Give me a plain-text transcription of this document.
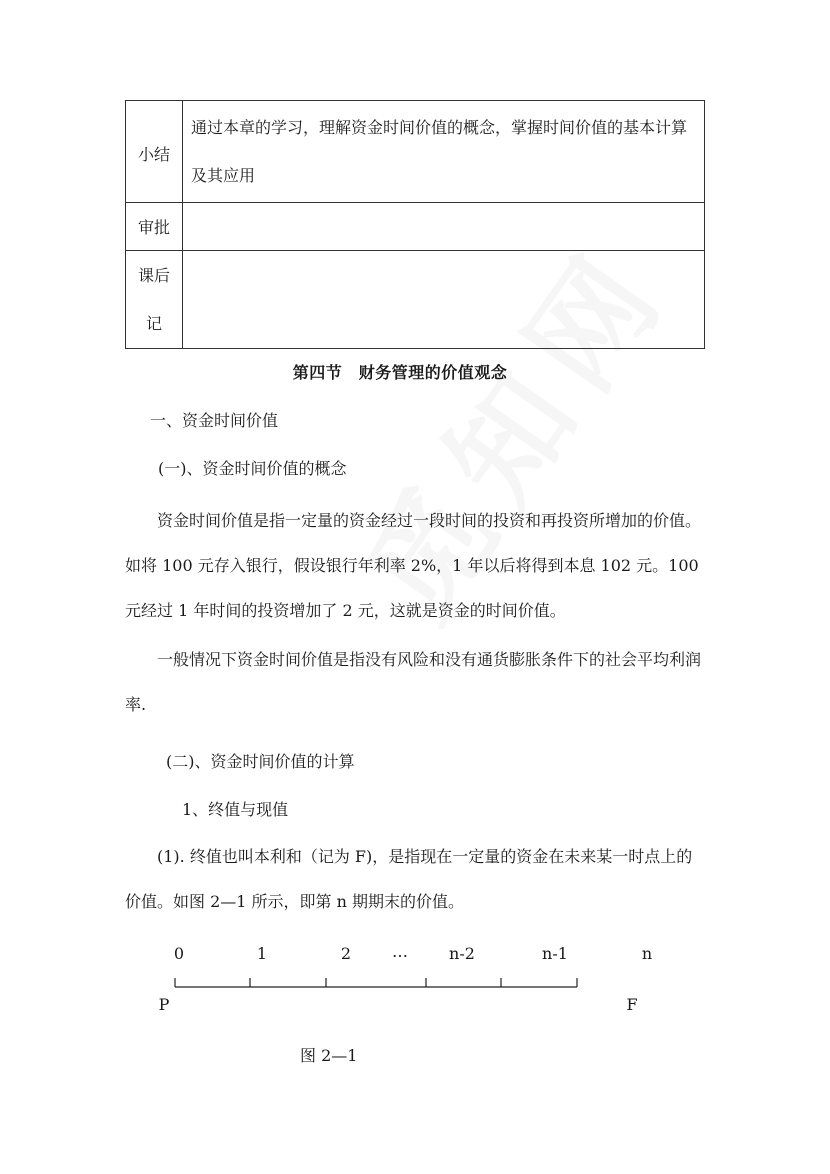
小结	通过本章的学习，理解资金时间价值的概念，掌握时间价值的基本计算
及其应用

审批	

课后
记	

第四节　财务管理的价值观念
一、资金时间价值
(一)、资金时间价值的概念
资金时间价值是指一定量的资金经过一段时间的投资和再投资所增加的价值。如将 100 元存入银行，假设银行年利率 2%，1 年以后将得到本息 102 元。100 元经过 1 年时间的投资增加了 2 元，这就是资金的时间价值。
一般情况下资金时间价值是指没有风险和没有通货膨胀条件下的社会平均利润率.
(二)、资金时间价值的计算
1、终值与现值
(1). 终值也叫本利和（记为 F)，是指现在一定量的资金在未来某一时点上的价值。如图 2—1 所示，即第 n 期期末的价值。
0	1	2	…	n-2	n-1	n
P	F
图 2—1
